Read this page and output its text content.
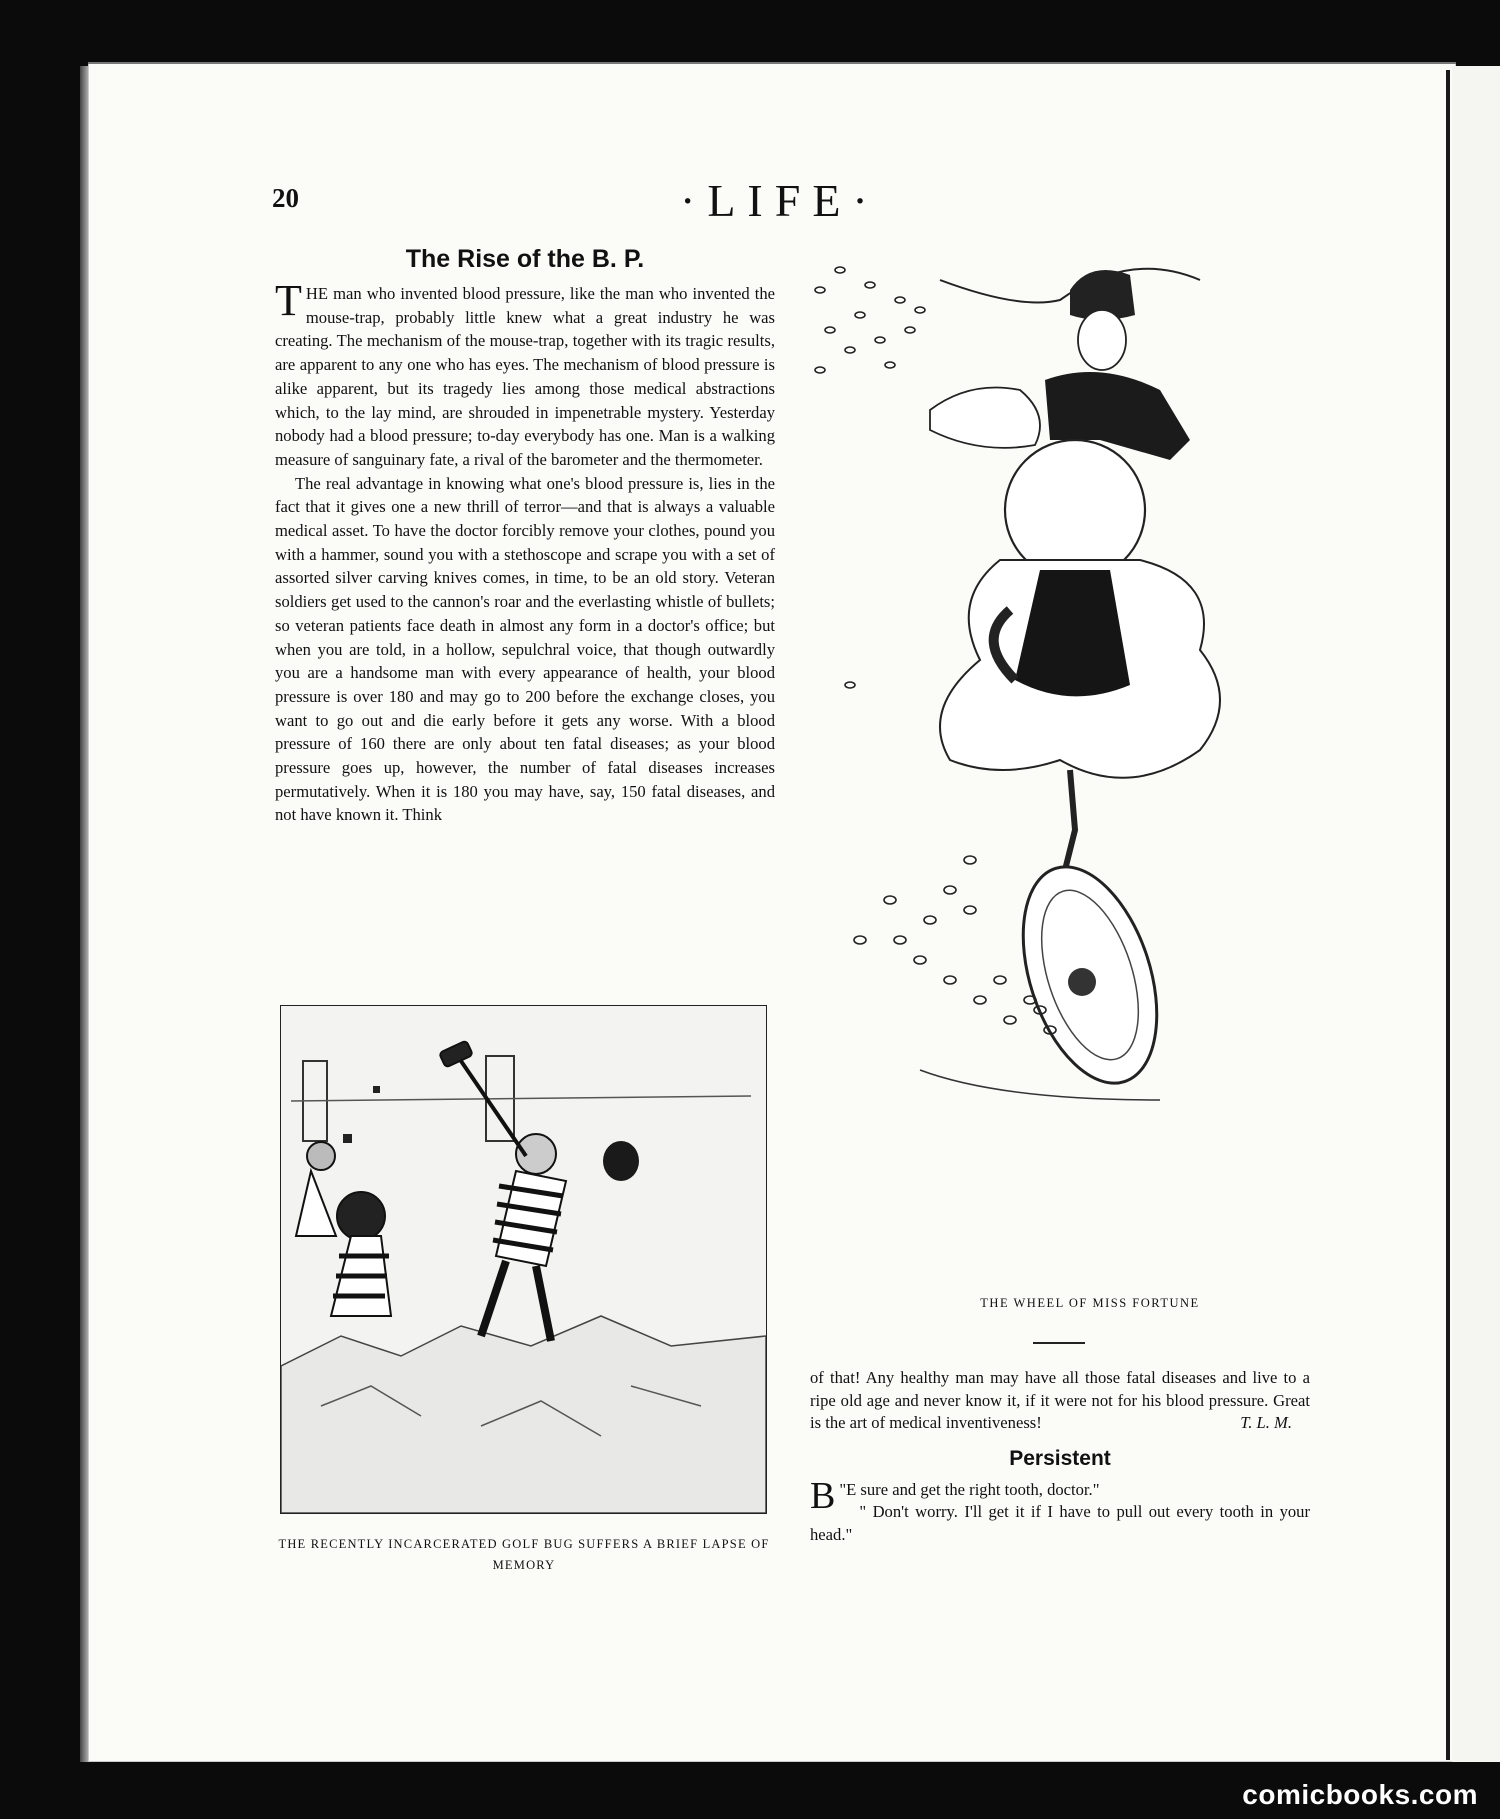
20	·LIFE·
The Rise of the B. P.

THE man who invented blood pressure, like the man who invented the mouse-trap, probably little knew what a great industry he was creating. The mechanism of the mouse-trap, together with its tragic results, are apparent to any one who has eyes. The mechanism of blood pressure is alike apparent, but its tragedy lies among those medical abstractions which, to the lay mind, are shrouded in impenetrable mystery. Yesterday nobody had a blood pressure; to-day everybody has one. Man is a walking measure of sanguinary fate, a rival of the barometer and the thermometer.

The real advantage in knowing what one's blood pressure is, lies in the fact that it gives one a new thrill of terror—and that is always a valuable medical asset. To have the doctor forcibly remove your clothes, pound you with a hammer, sound you with a stethoscope and scrape you with a set of assorted silver carving knives comes, in time, to be an old story. Veteran soldiers get used to the cannon's roar and the everlasting whistle of bullets; so veteran patients face death in almost any form in a doctor's office; but when you are told, in a hollow, sepulchral voice, that though outwardly you are a handsome man with every appearance of health, your blood pressure is over 180 and may go to 200 before the exchange closes, you want to go out and die early before it gets any worse. With a blood pressure of 160 there are only about ten fatal diseases; as your blood pressure goes up, however, the number of fatal diseases increases permutatively. When it is 180 you may have, say, 150 fatal diseases, and not have known it. Think

THE RECENTLY INCARCERATED GOLF BUG SUFFERS A BRIEF LAPSE OF MEMORY
THE WHEEL OF MISS FORTUNE

of that! Any healthy man may have all those fatal diseases and live to a ripe old age and never know it, if it were not for his blood pressure. Great is the art of medical inventiveness!	T. L. M.

Persistent

"
B E sure and get the right tooth, doctor."

" Don't worry. I'll get it if I have to pull out every tooth in your head."

comicbooks.com
